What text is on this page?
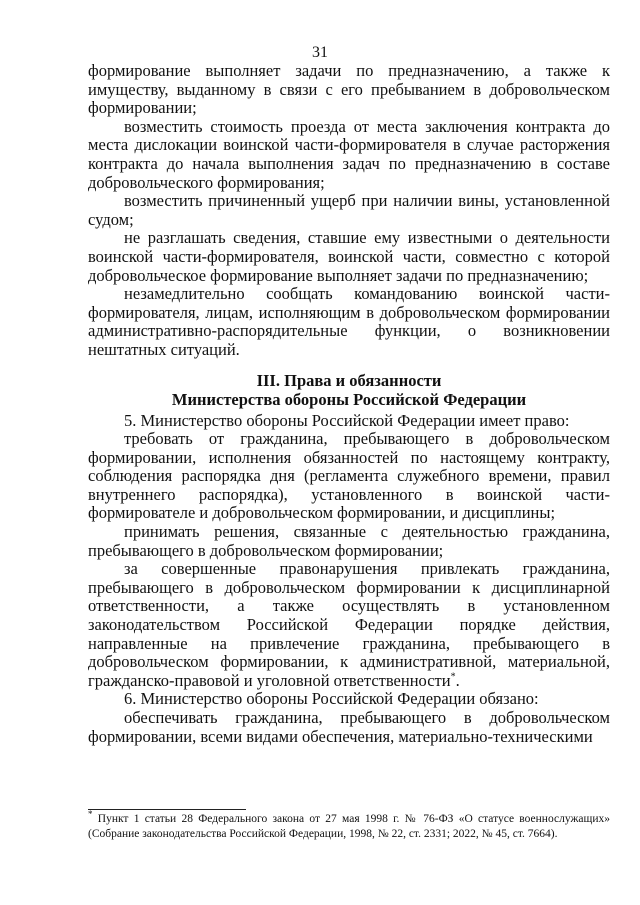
31

формирование выполняет задачи по предназначению, а также к имуществу, выданному в связи с его пребыванием в добровольческом формировании;

возместить стоимость проезда от места заключения контракта до места дислокации воинской части-формирователя в случае расторжения контракта до начала выполнения задач по предназначению в составе добровольческого формирования;

возместить причиненный ущерб при наличии вины, установленной судом;

не разглашать сведения, ставшие ему известными о деятельности воинской части-формирователя, воинской части, совместно с которой добровольческое формирование выполняет задачи по предназначению;

незамедлительно сообщать командованию воинской части-формирователя, лицам, исполняющим в добровольческом формировании административно-распорядительные функции, о возникновении нештатных ситуаций.

III. Права и обязанности
Министерства обороны Российской Федерации

5. Министерство обороны Российской Федерации имеет право:

требовать от гражданина, пребывающего в добровольческом формировании, исполнения обязанностей по настоящему контракту, соблюдения распорядка дня (регламента служебного времени, правил внутреннего распорядка), установленного в воинской части-формирователе и добровольческом формировании, и дисциплины;

принимать решения, связанные с деятельностью гражданина, пребывающего в добровольческом формировании;

за совершенные правонарушения привлекать гражданина, пребывающего в добровольческом формировании к дисциплинарной ответственности, а также осуществлять в установленном законодательством Российской Федерации порядке действия, направленные на привлечение гражданина, пребывающего в добровольческом формировании, к административной, материальной, гражданско-правовой и уголовной ответственности*.

6. Министерство обороны Российской Федерации обязано:

обеспечивать гражданина, пребывающего в добровольческом формировании, всеми видами обеспечения, материально-техническими

* Пункт 1 статьи 28 Федерального закона от 27 мая 1998 г. № 76-ФЗ «О статусе военнослужащих» (Собрание законодательства Российской Федерации, 1998, № 22, ст. 2331; 2022, № 45, ст. 7664).
